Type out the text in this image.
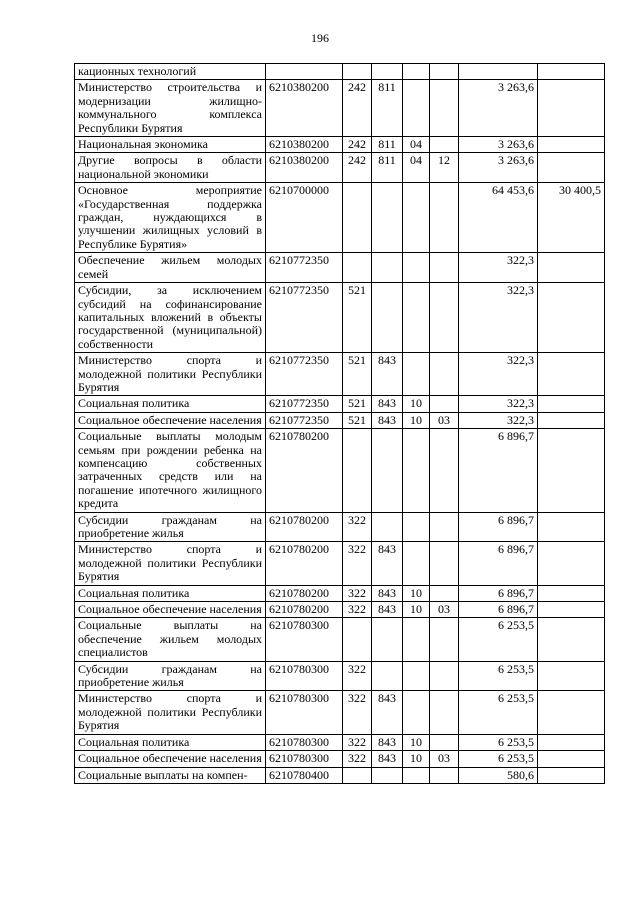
196
кационных технологий							
Министерство строительства и модернизации жилищно-коммунального комплекса Республики Бурятия	6210380200	242	811			3 263,6	
Национальная экономика	6210380200	242	811	04		3 263,6	
Другие вопросы в области национальной экономики	6210380200	242	811	04	12	3 263,6	
Основное мероприятие «Государственная поддержка граждан, нуждающихся в улучшении жилищных условий в Республике Бурятия»	6210700000					64 453,6	30 400,5
Обеспечение жильем молодых семей	6210772350					322,3	
Субсидии, за исключением субсидий на софинансирование капитальных вложений в объекты государственной (муниципальной) собственности	6210772350	521				322,3	
Министерство спорта и молодежной политики Республики Бурятия	6210772350	521	843			322,3	
Социальная политика	6210772350	521	843	10		322,3	
Социальное обеспечение населения	6210772350	521	843	10	03	322,3	
Социальные выплаты молодым семьям при рождении ребенка на компенсацию собственных затраченных средств или на погашение ипотечного жилищного кредита	6210780200					6 896,7	
Субсидии гражданам на приобретение жилья	6210780200	322				6 896,7	
Министерство спорта и молодежной политики Республики Бурятия	6210780200	322	843			6 896,7	
Социальная политика	6210780200	322	843	10		6 896,7	
Социальное обеспечение населения	6210780200	322	843	10	03	6 896,7	
Социальные выплаты на обеспечение жильем молодых специалистов	6210780300					6 253,5	
Субсидии гражданам на приобретение жилья	6210780300	322				6 253,5	
Министерство спорта и молодежной политики Республики Бурятия	6210780300	322	843			6 253,5	
Социальная политика	6210780300	322	843	10		6 253,5	
Социальное обеспечение населения	6210780300	322	843	10	03	6 253,5	
Социальные выплаты на компен-	6210780400					580,6	
